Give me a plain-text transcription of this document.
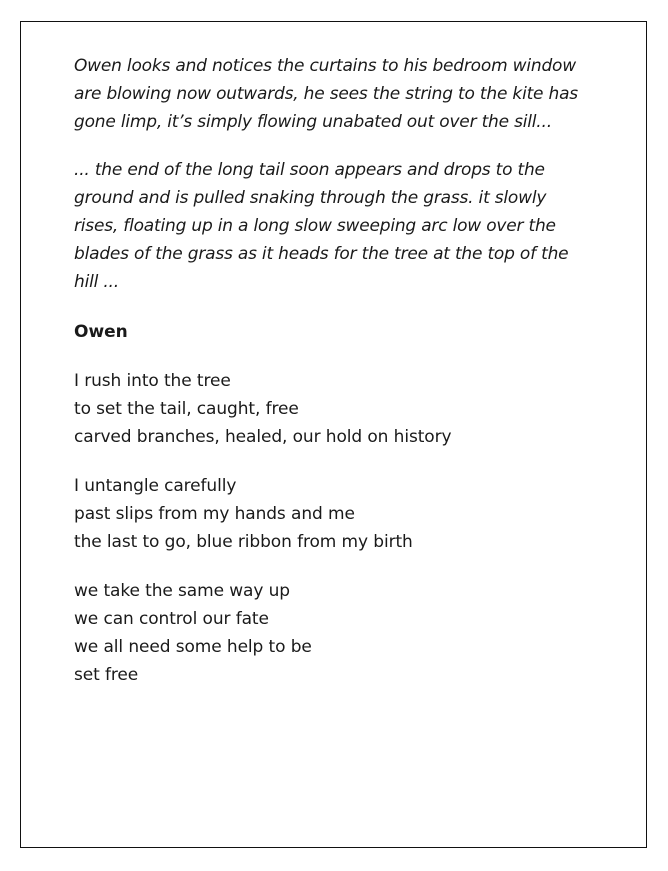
Owen looks and notices the curtains to his bedroom window
are blowing now outwards, he sees the string to the kite has
gone limp, it’s simply flowing unabated out over the sill...

... the end of the long tail soon appears and drops to the
ground and is pulled snaking through the grass. it slowly
rises, floating up in a long slow sweeping arc low over the
blades of the grass as it heads for the tree at the top of the
hill ...

Owen

I rush into the tree
to set the tail, caught, free
carved branches, healed, our hold on history

I untangle carefully
past slips from my hands and me
the last to go, blue ribbon from my birth

we take the same way up
we can control our fate
we all need some help to be
set free
